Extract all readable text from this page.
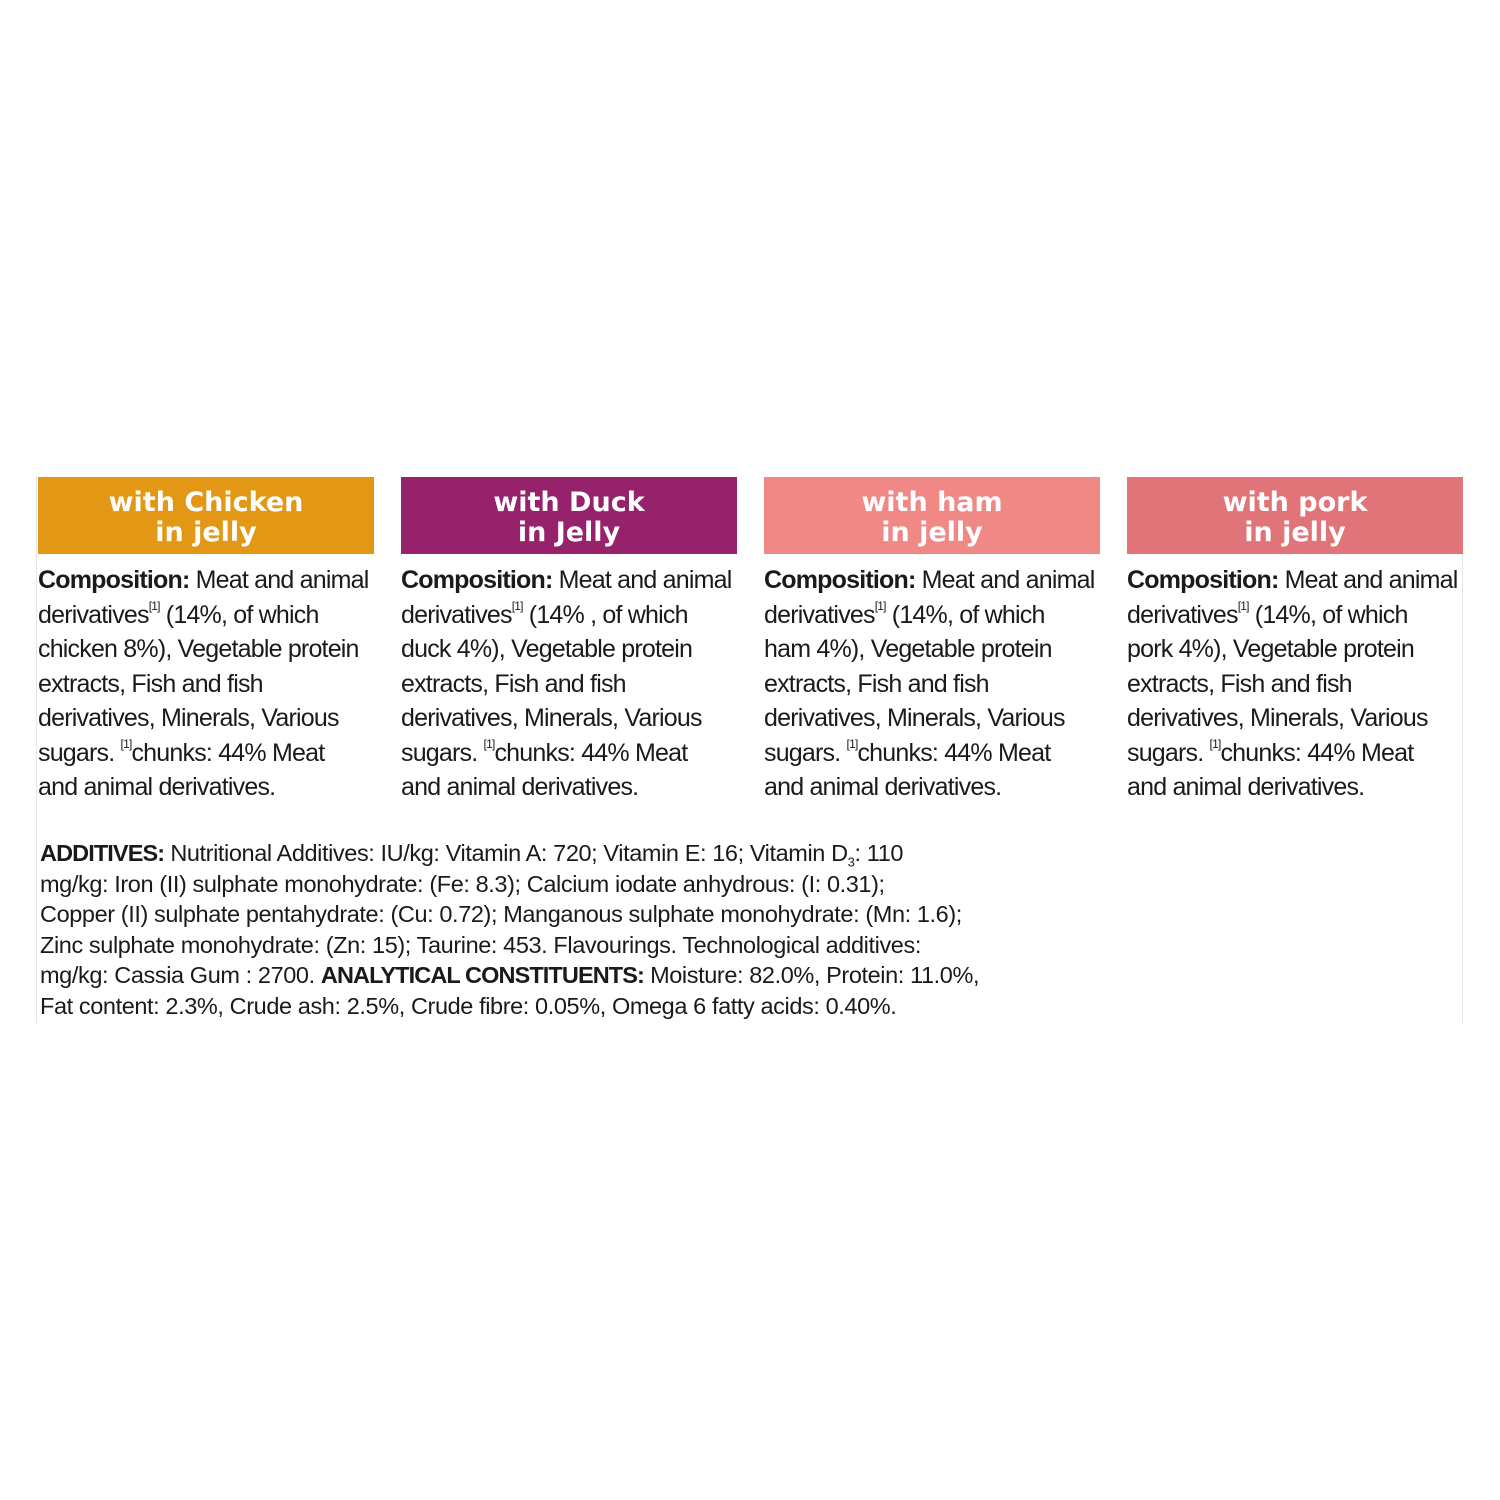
with Chicken
in jelly
Composition: Meat and animal
derivatives[1] (14%, of which
chicken 8%), Vegetable protein
extracts, Fish and fish
derivatives, Minerals, Various
sugars. [1]chunks: 44% Meat
and animal derivatives.
with Duck
in Jelly
Composition: Meat and animal
derivatives[1] (14% , of which
duck 4%), Vegetable protein
extracts, Fish and fish
derivatives, Minerals, Various
sugars. [1]chunks: 44% Meat
and animal derivatives.
with ham
in jelly
Composition: Meat and animal
derivatives[1] (14%, of which
ham 4%), Vegetable protein
extracts, Fish and fish
derivatives, Minerals, Various
sugars. [1]chunks: 44% Meat
and animal derivatives.
with pork
in jelly
Composition: Meat and animal
derivatives[1] (14%, of which
pork 4%), Vegetable protein
extracts, Fish and fish
derivatives, Minerals, Various
sugars. [1]chunks: 44% Meat
and animal derivatives.
ADDITIVES: Nutritional Additives: IU/kg: Vitamin A: 720; Vitamin E: 16; Vitamin $D_3$: 110
mg/kg: Iron (II) sulphate monohydrate: (Fe: 8.3); Calcium iodate anhydrous: (I: 0.31);
Copper (II) sulphate pentahydrate: (Cu: 0.72); Manganous sulphate monohydrate: (Mn: 1.6);
Zinc sulphate monohydrate: (Zn: 15); Taurine: 453. Flavourings. Technological additives:
mg/kg: Cassia Gum : 2700. ANALYTICAL CONSTITUENTS: Moisture: 82.0%, Protein: 11.0%,
Fat content: 2.3%, Crude ash: 2.5%, Crude fibre: 0.05%, Omega 6 fatty acids: 0.40%.
